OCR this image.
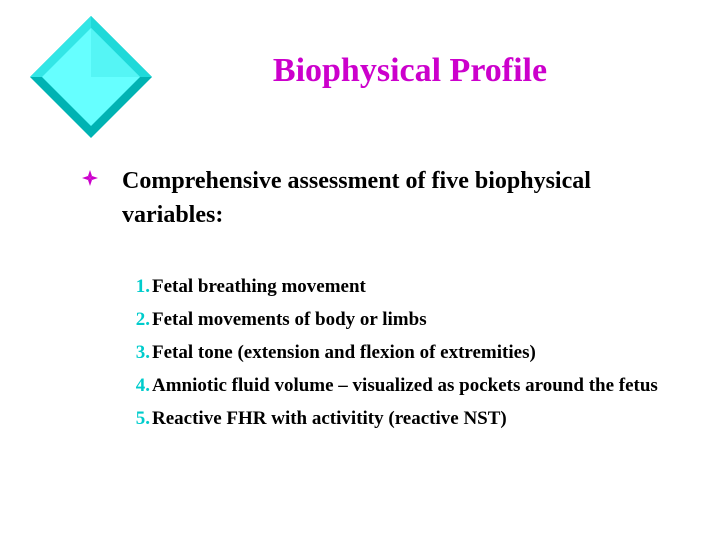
Biophysical Profile
Comprehensive assessment of five biophysical variables:
1. Fetal breathing movement
2. Fetal movements of body or limbs
3. Fetal tone (extension and flexion of extremities)
4. Amniotic fluid volume – visualized as pockets around the fetus
5. Reactive FHR with activitity (reactive NST)
